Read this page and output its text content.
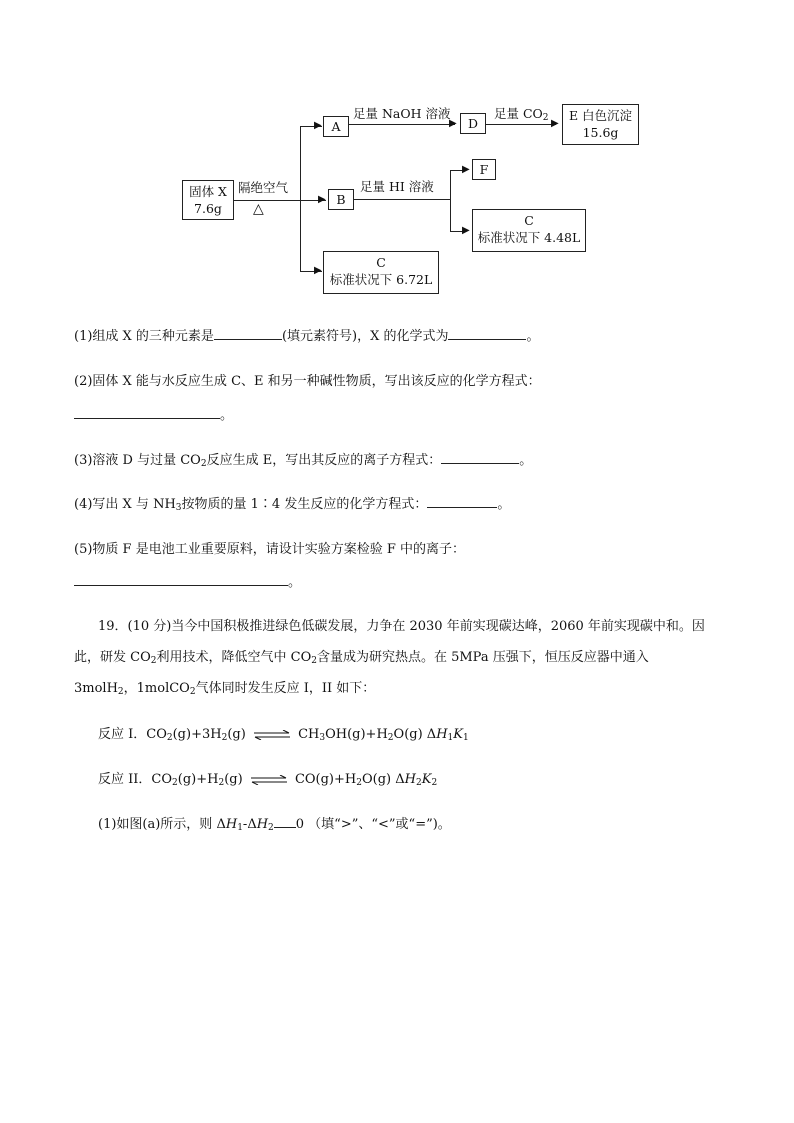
固体 X
7.6g
隔绝空气
△
▶
▶
▶
A
足量 NaOH 溶液
▶ D
足量 $CO_2$ ▶
E 白色沉淀
15.6g
B
足量 HI 溶液
▶
▶
F
C
标准状况下 4.48L
C
标准状况下 6.72L
(1)组成 X 的三种元素是	(填元素符号)，X 的化学式为	。
(2)固体 X 能与水反应生成 C、E 和另一种碱性物质，写出该反应的化学方程式：
。
(3)溶液 D 与过量 $CO_2$反应生成 E，写出其反应的离子方程式：	。
(4)写出 X 与 $NH_3$按物质的量 1∶4 发生反应的化学方程式：	。
(5)物质 F 是电池工业重要原料，请设计实验方案检验 F 中的离子：
。
19．(10 分)当今中国积极推进绿色低碳发展，力争在 2030 年前实现碳达峰，2060 年前实现碳中和。因
此，研发 $CO_2$利用技术，降低空气中 $CO_2$含量成为研究热点。在 5MPa 压强下，恒压反应器中通入
3molH$_2$，1molCO$_2$气体同时发生反应 I，II 如下：
反应 I．$CO_2(g)+3H_2(g)$ ⇌ $CH_3OH(g)+H_2O(g)$ $\Delta H_1K_1$
反应 II．$CO_2(g)+H_2(g)$ ⇌ $CO(g)+H_2O(g)$ $\Delta H_2K_2$
(1)如图(a)所示，则 $\Delta H_1-\Delta H_2$ 0 （填“>”、“<”或“=”)。
